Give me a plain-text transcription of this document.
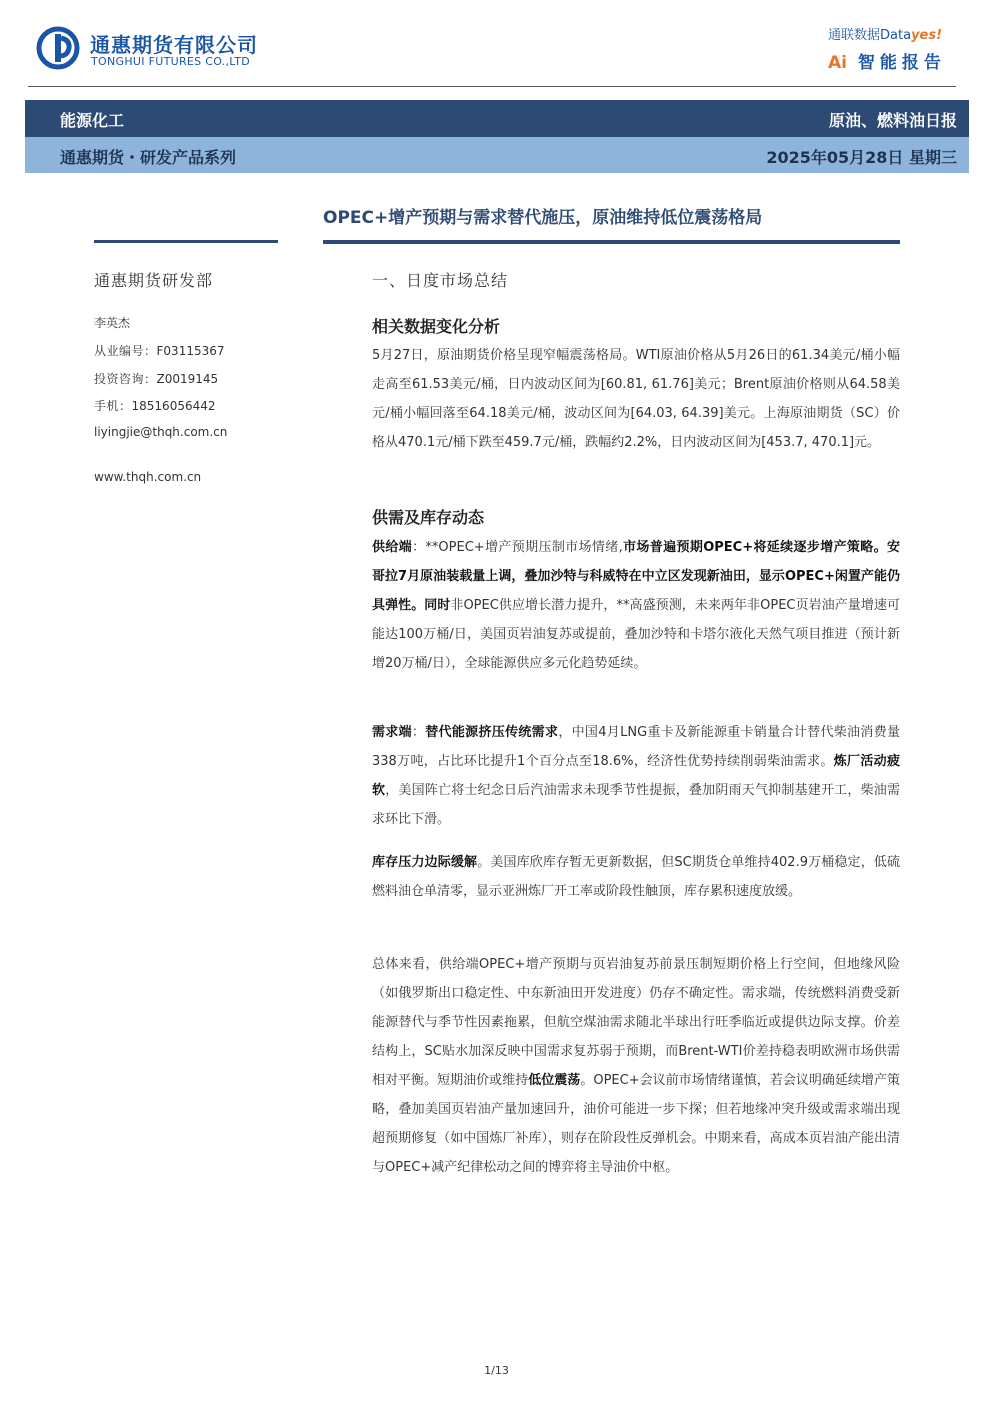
通惠期货有限公司
TONGHUI FUTURES CO.,LTD
通联数据Datayes!
Ai 智能报告
能源化工	原油、燃料油日报
通惠期货・研发产品系列	2025年05月28日 星期三
OPEC+增产预期与需求替代施压，原油维持低位震荡格局
通惠期货研发部
李英杰
从业编号：F03115367
投资咨询：Z0019145
手机：18516056442
liyingjie@thqh.com.cn
www.thqh.com.cn
一、日度市场总结
相关数据变化分析
5月27日，原油期货价格呈现窄幅震荡格局。WTI原油价格从5月26日的61.34美元/桶小幅走高至61.53美元/桶，日内波动区间为[60.81, 61.76]美元；Brent原油价格则从64.58美元/桶小幅回落至64.18美元/桶，波动区间为[64.03, 64.39]美元。上海原油期货（SC）价格从470.1元/桶下跌至459.7元/桶，跌幅约2.2%，日内波动区间为[453.7, 470.1]元。
供需及库存动态
供给端：**OPEC+增产预期压制市场情绪,市场普遍预期OPEC+将延续逐步增产策略。安哥拉7月原油装载量上调，叠加沙特与科威特在中立区发现新油田，显示OPEC+闲置产能仍具弹性。同时非OPEC供应增长潜力提升，**高盛预测，未来两年非OPEC页岩油产量增速可能达100万桶/日，美国页岩油复苏或提前，叠加沙特和卡塔尔液化天然气项目推进（预计新增20万桶/日），全球能源供应多元化趋势延续。
需求端：替代能源挤压传统需求，中国4月LNG重卡及新能源重卡销量合计替代柴油消费量338万吨，占比环比提升1个百分点至18.6%，经济性优势持续削弱柴油需求。炼厂活动疲软，美国阵亡将士纪念日后汽油需求未现季节性提振，叠加阴雨天气抑制基建开工，柴油需求环比下滑。
库存压力边际缓解。美国库欣库存暂无更新数据，但SC期货仓单维持402.9万桶稳定，低硫燃料油仓单清零，显示亚洲炼厂开工率或阶段性触顶，库存累积速度放缓。
总体来看，供给端OPEC+增产预期与页岩油复苏前景压制短期价格上行空间，但地缘风险（如俄罗斯出口稳定性、中东新油田开发进度）仍存不确定性。需求端，传统燃料消费受新能源替代与季节性因素拖累，但航空煤油需求随北半球出行旺季临近或提供边际支撑。价差结构上，SC贴水加深反映中国需求复苏弱于预期，而Brent-WTI价差持稳表明欧洲市场供需相对平衡。短期油价或维持低位震荡。OPEC+会议前市场情绪谨慎，若会议明确延续增产策略，叠加美国页岩油产量加速回升，油价可能进一步下探；但若地缘冲突升级或需求端出现超预期修复（如中国炼厂补库），则存在阶段性反弹机会。中期来看，高成本页岩油产能出清与OPEC+减产纪律松动之间的博弈将主导油价中枢。
1/13
